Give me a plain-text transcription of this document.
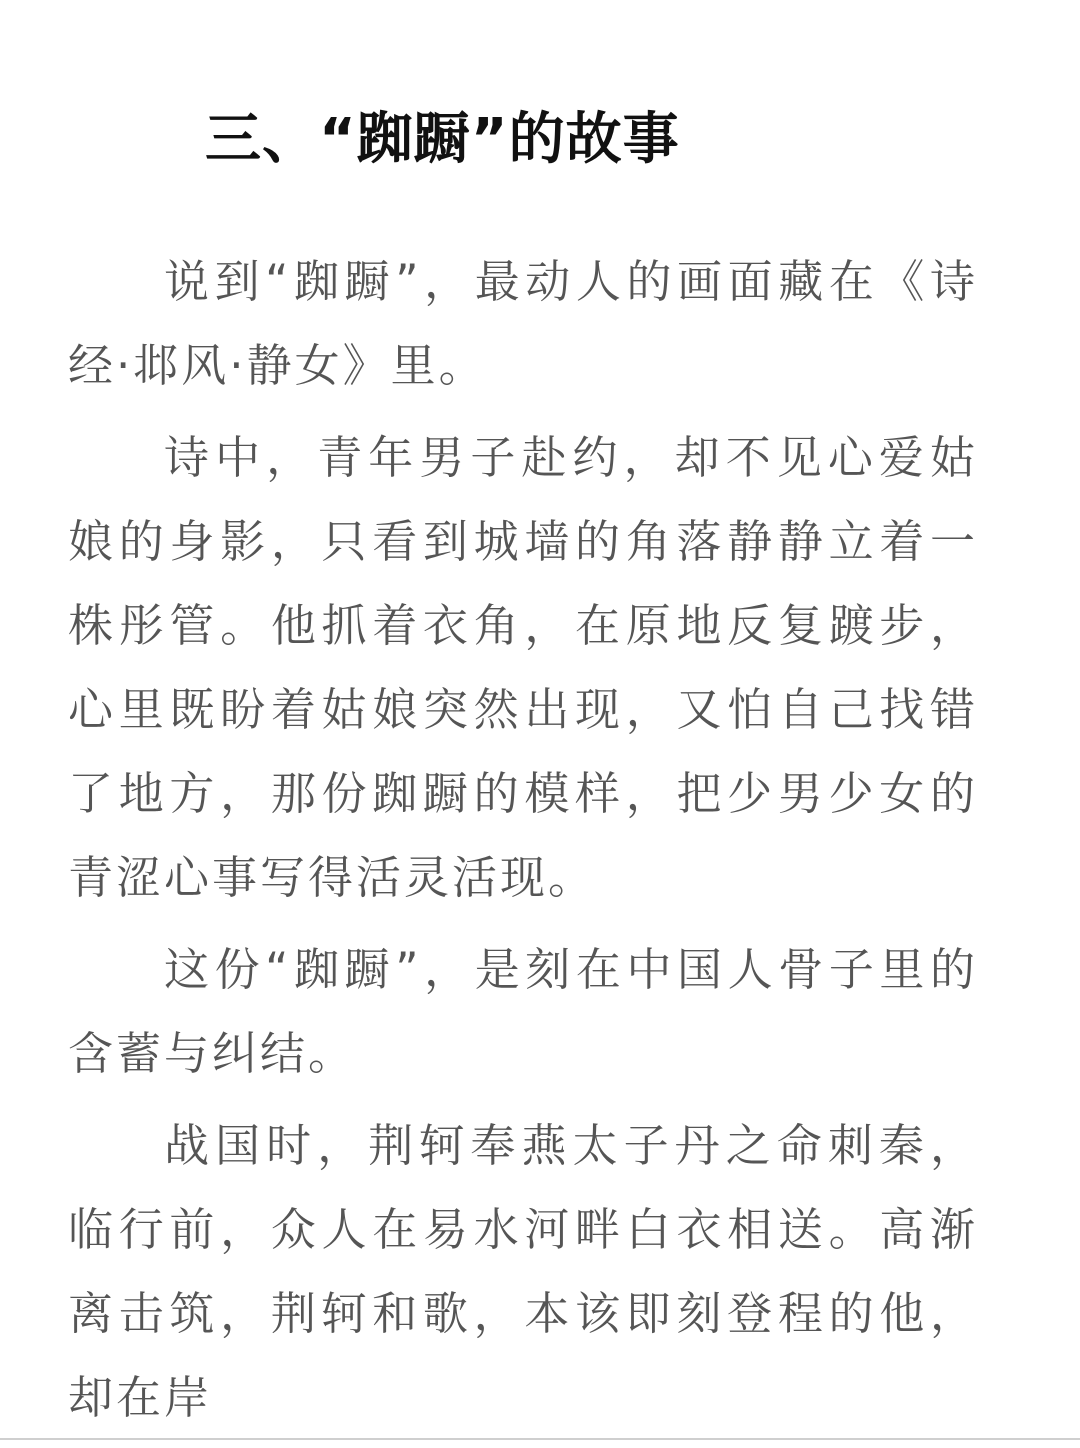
三、“踟蹰”的故事

说到“踟蹰”，最动人的画面藏在《诗经·邶风·静女》里。

诗中，青年男子赴约，却不见心爱姑娘的身影，只看到城墙的角落静静立着一株彤管。他抓着衣角，在原地反复踱步，心里既盼着姑娘突然出现，又怕自己找错了地方，那份踟蹰的模样，把少男少女的青涩心事写得活灵活现。

这份“踟蹰”，是刻在中国人骨子里的含蓄与纠结。

战国时，荆轲奉燕太子丹之命刺秦，临行前，众人在易水河畔白衣相送。高渐离击筑，荆轲和歌，本该即刻登程的他，却在岸
